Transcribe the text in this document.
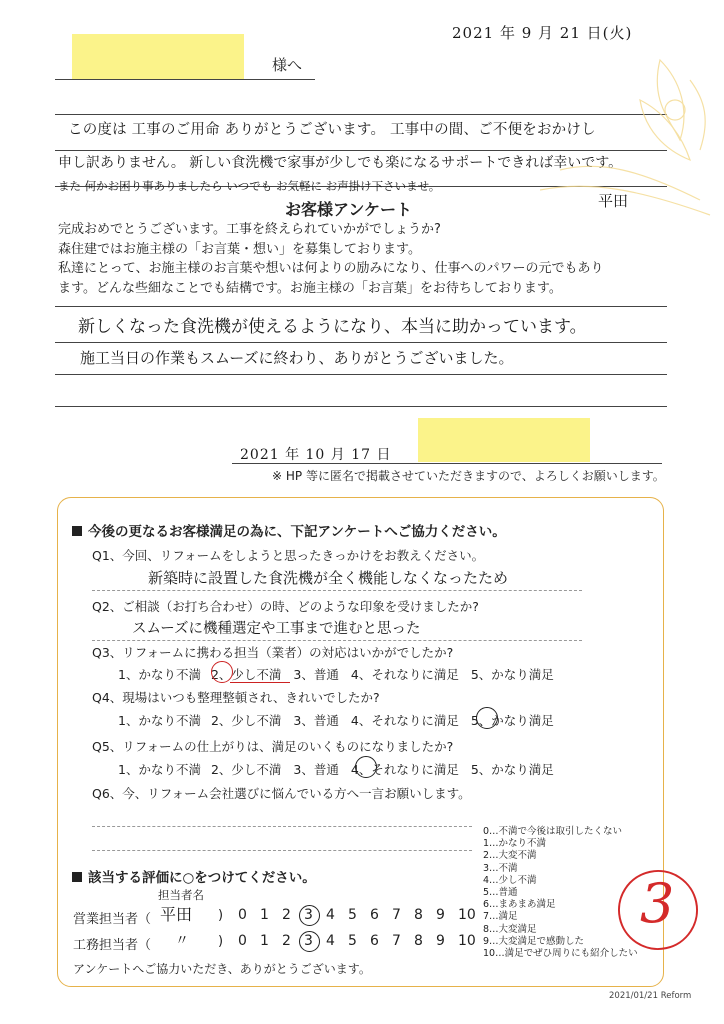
2021 年 9 月 21 日(火)
様へ
この度は 工事のご用命 ありがとうございます。 工事中の間、ご不便をおかけし
申し訳ありません。 新しい食洗機で家事が少しでも楽になるサポートできれば幸いです。
また 何かお困り事ありましたら いつでも お気軽に お声掛け下さいませ。
平田
お客様アンケート
完成おめでとうございます。工事を終えられていかがでしょうか?
森住建ではお施主様の「お言葉・想い」を募集しております。
私達にとって、お施主様のお言葉や想いは何よりの励みになり、仕事へのパワーの元でもあり
ます。どんな些細なことでも結構です。お施主様の「お言葉」をお待ちしております。
新しくなった食洗機が使えるようになり、本当に助かっています。
施工当日の作業もスムーズに終わり、ありがとうございました。
2021 年 10 月 17 日
※ HP 等に匿名で掲載させていただきますので、よろしくお願いします。
今後の更なるお客様満足の為に、下記アンケートへご協力ください。
Q1、今回、リフォームをしようと思ったきっかけをお教えください。
新築時に設置した食洗機が全く機能しなくなったため
Q2、ご相談（お打ち合わせ）の時、どのような印象を受けましたか?
スムーズに機種選定や工事まで進むと思った
Q3、リフォームに携わる担当（業者）の対応はいかがでしたか?
1、かなり不満 2、少し不満 3、普通 4、それなりに満足 5、かなり満足
Q4、現場はいつも整理整頓され、きれいでしたか?
1、かなり不満 2、少し不満 3、普通 4、それなりに満足 5、かなり満足
Q5、リフォームの仕上がりは、満足のいくものになりましたか?
1、かなり不満 2、少し不満 3、普通 4、それなりに満足 5、かなり満足
Q6、今、リフォーム会社選びに悩んでいる方へ一言お願いします。
該当する評価に○をつけてください。
担当者名
営業担当者（ 平田 ) 0 1 2 3 4 5 6 7 8 9 10
工務担当者（ 〃 ) 0 1 2 3 4 5 6 7 8 9 10
アンケートへご協力いただき、ありがとうございます。
0…不満で今後は取引したくない
1…かなり不満
2…大変不満
3…不満
4…少し不満
5…普通
6…まあまあ満足
7…満足
8…大変満足
9…大変満足で感動した
10…満足でぜひ周りにも紹介したい
3
2021/01/21 Reform
